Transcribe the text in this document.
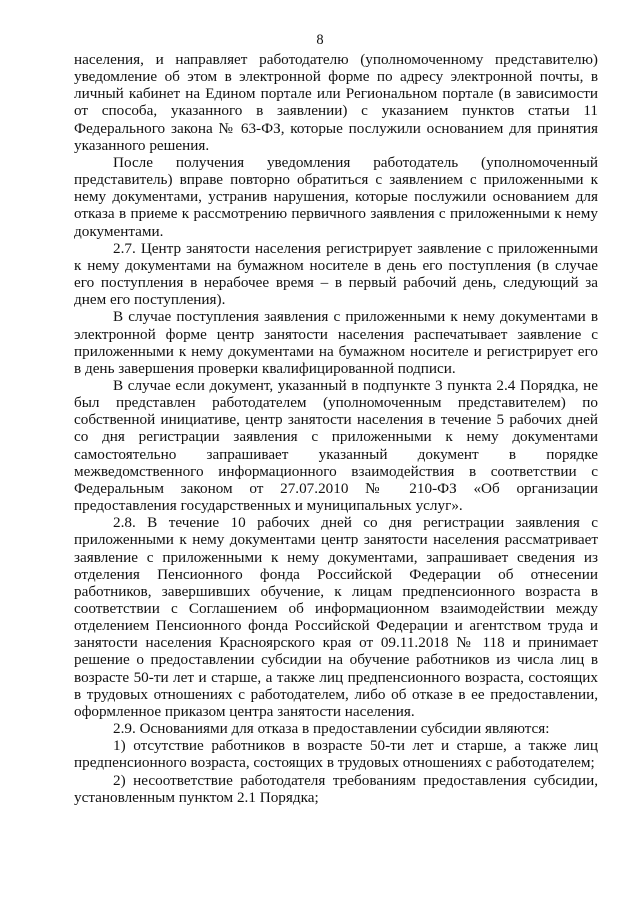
8

населения, и направляет работодателю (уполномоченному представителю) уведомление об этом в электронной форме по адресу электронной почты, в личный кабинет на Едином портале или Региональном портале (в зависимости от способа, указанного в заявлении) с указанием пунктов статьи 11 Федерального закона № 63-ФЗ, которые послужили основанием для принятия указанного решения.

После получения уведомления работодатель (уполномоченный представитель) вправе повторно обратиться с заявлением с приложенными к нему документами, устранив нарушения, которые послужили основанием для отказа в приеме к рассмотрению первичного заявления с приложенными к нему документами.

2.7. Центр занятости населения регистрирует заявление с приложенными к нему документами на бумажном носителе в день его поступления (в случае его поступления в нерабочее время – в первый рабочий день, следующий за днем его поступления).

В случае поступления заявления с приложенными к нему документами в электронной форме центр занятости населения распечатывает заявление с приложенными к нему документами на бумажном носителе и регистрирует его в день завершения проверки квалифицированной подписи.

В случае если документ, указанный в подпункте 3 пункта 2.4 Порядка, не был представлен работодателем (уполномоченным представителем) по собственной инициативе, центр занятости населения в течение 5 рабочих дней со дня регистрации заявления с приложенными к нему документами самостоятельно запрашивает указанный документ в порядке межведомственного информационного взаимодействия в соответствии с Федеральным законом от 27.07.2010 № 210-ФЗ «Об организации предоставления государственных и муниципальных услуг».

2.8. В течение 10 рабочих дней со дня регистрации заявления с приложенными к нему документами центр занятости населения рассматривает заявление с приложенными к нему документами, запрашивает сведения из отделения Пенсионного фонда Российской Федерации об отнесении работников, завершивших обучение, к лицам предпенсионного возраста в соответствии с Соглашением об информационном взаимодействии между отделением Пенсионного фонда Российской Федерации и агентством труда и занятости населения Красноярского края от 09.11.2018 № 118 и принимает решение о предоставлении субсидии на обучение работников из числа лиц в возрасте 50-ти лет и старше, а также лиц предпенсионного возраста, состоящих в трудовых отношениях с работодателем, либо об отказе в ее предоставлении, оформленное приказом центра занятости населения.

2.9. Основаниями для отказа в предоставлении субсидии являются:

1) отсутствие работников в возрасте 50-ти лет и старше, а также лиц предпенсионного возраста, состоящих в трудовых отношениях с работодателем;

2) несоответствие работодателя требованиям предоставления субсидии, установленным пунктом 2.1 Порядка;
